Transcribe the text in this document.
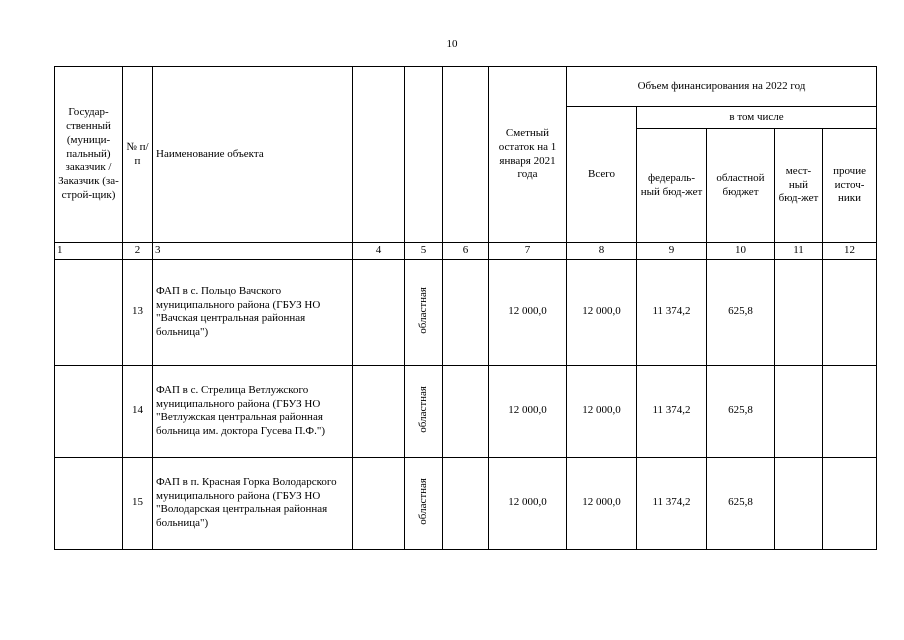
10
Государ-ственный (муници-пальный) заказчик / Заказчик (за-строй-щик)	№ п/п	Наименование объекта				Сметный остаток на 1 января 2021 года	Объем финансирования на 2022 год				
							Всего	в том числе			
								федераль-ный бюд-жет	областной бюджет	мест-ный бюд-жет	прочие источ-ники
1	2	3	4	5	6	7	8	9	10	11	12
	13	ФАП в с. Польцо Вачского муниципального района (ГБУЗ НО "Вачская центральная районная больница")		областная		12 000,0	12 000,0	11 374,2	625,8		
	14	ФАП в с. Стрелица Ветлужского муниципального района (ГБУЗ НО "Ветлужская центральная районная больница им. доктора Гусева П.Ф.")		областная		12 000,0	12 000,0	11 374,2	625,8		
	15	ФАП в п. Красная Горка Володарского муниципального района (ГБУЗ НО "Володарская центральная районная больница")		областная		12 000,0	12 000,0	11 374,2	625,8		
